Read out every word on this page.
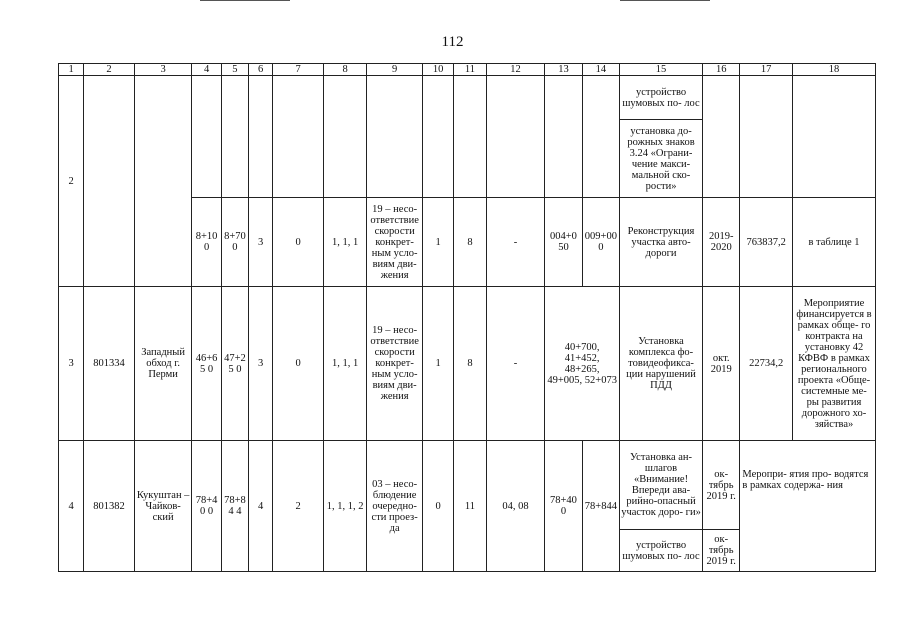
112
1	2	3	4	5	6	7	8	9	10	11	12	13	14	15	16	17	18
2														устройство шумовых по- лос			
														установка до- рожных знаков 3.24 «Ограни- чение макси- мальной ско- рости»			
			8+100	8+700	3	0	1, 1, 1	19 – несо- ответствие скорости конкрет- ным усло- виям дви- жения	1	8	-	004+0 50	009+00 0	Реконструкция участка авто- дороги	2019- 2020	763837,2	в таблице 1
3	801334	Западный обход г. Перми	46+65 0	47+25 0	3	0	1, 1, 1	19 – несо- ответствие скорости конкрет- ным усло- виям дви- жения	1	8	-	40+700, 41+452, 48+265, 49+005, 52+073		Установка комплекса фо- товидеофикса- ции нарушений ПДД	окт. 2019	22734,2	Мероприятие финансируется в рамках обще- го контракта на установку 42 КФВФ в рамках регионального проекта «Обще- системные ме- ры развития дорожного хо- зяйства»
4	801382	Кукуштан – Чайков- ский	78+40 0	78+84 4	4	2	1, 1, 1, 2	03 – несо- блюдение очередно- сти проез- да	0	11	04, 08	78+40 0	78+844	Установка ан- шлагов «Внимание! Впереди ава- рийно-опасный участок доро- ги»	ок- тябрь 2019 г.	Меропри- ятия про- водятся в рамках содержа- ния	
														устройство шумовых по- лос	ок- тябрь 2019 г.		
